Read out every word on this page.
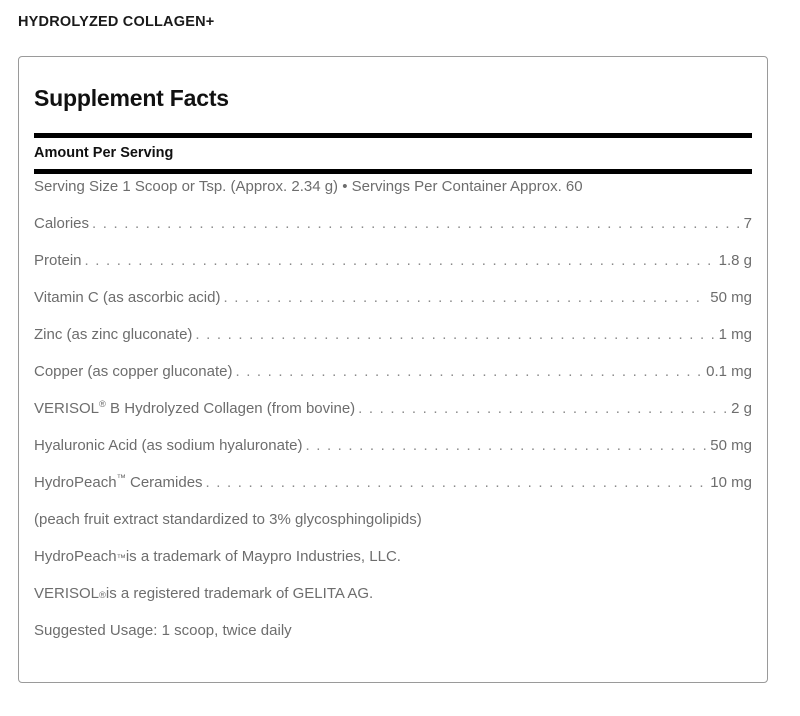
HYDROLYZED COLLAGEN+
Supplement Facts
Amount Per Serving
Serving Size 1 Scoop or Tsp. (Approx. 2.34 g) • Servings Per Container Approx. 60
Calories . . .	7
Protein . . .	1.8 g
Vitamin C (as ascorbic acid) . . .	50 mg
Zinc (as zinc gluconate) . . .	1 mg
Copper (as copper gluconate) . . .	0.1 mg
VERISOL® B Hydrolyzed Collagen (from bovine) . . .	2 g
Hyaluronic Acid (as sodium hyaluronate) . . .	50 mg
HydroPeach™ Ceramides . . .	10 mg
(peach fruit extract standardized to 3% glycosphingolipids)
HydroPeach ™ is a trademark of Maypro Industries, LLC.
VERISOL ® is a registered trademark of GELITA AG.
Suggested Usage: 1 scoop, twice daily
